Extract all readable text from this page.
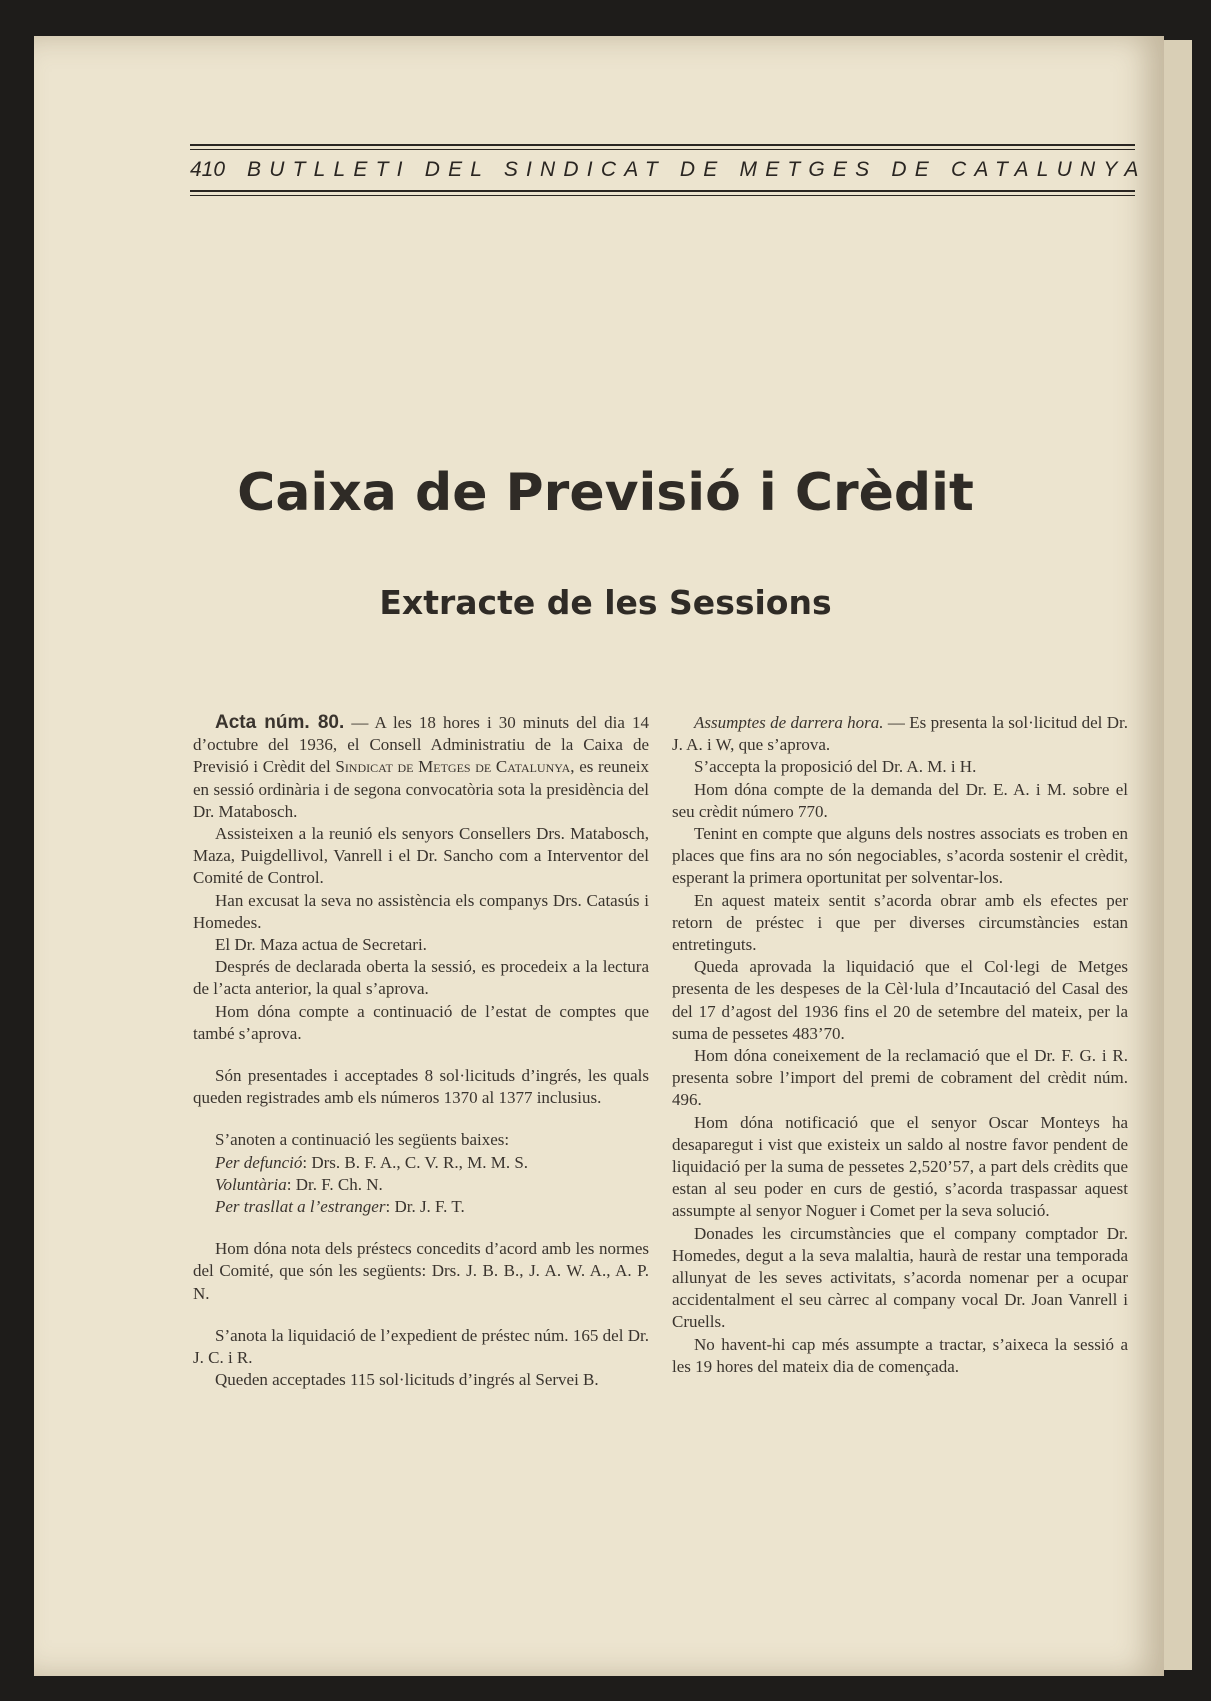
410 BUTLLETI DEL SINDICAT DE METGES DE CATALUNYA
Caixa de Previsió i Crèdit
Extracte de les Sessions

Acta núm. 80. — A les 18 hores i 30 minuts del dia 14 d’octubre del 1936, el Consell Administratiu de la Caixa de Previsió i Crèdit del Sindicat de Metges de Catalunya, es reuneix en sessió ordinària i de segona convocatòria sota la presidència del Dr. Matabosch.

Assisteixen a la reunió els senyors Consellers Drs. Matabosch, Maza, Puigdellivol, Vanrell i el Dr. Sancho com a Interventor del Comité de Control.

Han excusat la seva no assistència els companys Drs. Catasús i Homedes.

El Dr. Maza actua de Secretari.

Després de declarada oberta la sessió, es procedeix a la lectura de l’acta anterior, la qual s’aprova.

Hom dóna compte a continuació de l’estat de comptes que també s’aprova.

Són presentades i acceptades 8 sol·licituds d’ingrés, les quals queden registrades amb els números 1370 al 1377 inclusius.

S’anoten a continuació les següents baixes:

Per defunció: Drs. B. F. A., C. V. R., M. M. S.

Voluntària: Dr. F. Ch. N.

Per trasllat a l’estranger: Dr. J. F. T.

Hom dóna nota dels préstecs concedits d’acord amb les normes del Comité, que són les següents: Drs. J. B. B., J. A. W. A., A. P. N.

S’anota la liquidació de l’expedient de préstec núm. 165 del Dr. J. C. i R.

Queden acceptades 115 sol·licituds d’ingrés al Servei B.

Assumptes de darrera hora. — Es presenta la sol·licitud del Dr. J. A. i W, que s’aprova.

S’accepta la proposició del Dr. A. M. i H.

Hom dóna compte de la demanda del Dr. E. A. i M. sobre el seu crèdit número 770.

Tenint en compte que alguns dels nostres associats es troben en places que fins ara no són negociables, s’acorda sostenir el crèdit, esperant la primera oportunitat per solventar-los.

En aquest mateix sentit s’acorda obrar amb els efectes per retorn de préstec i que per diverses circumstàncies estan entretinguts.

Queda aprovada la liquidació que el Col·legi de Metges presenta de les despeses de la Cèl·lula d’Incautació del Casal des del 17 d’agost del 1936 fins el 20 de setembre del mateix, per la suma de pessetes 483’70.

Hom dóna coneixement de la reclamació que el Dr. F. G. i R. presenta sobre l’import del premi de cobrament del crèdit núm. 496.

Hom dóna notificació que el senyor Oscar Monteys ha desaparegut i vist que existeix un saldo al nostre favor pendent de liquidació per la suma de pessetes 2,520’57, a part dels crèdits que estan al seu poder en curs de gestió, s’acorda traspassar aquest assumpte al senyor Noguer i Comet per la seva solució.

Donades les circumstàncies que el company comptador Dr. Homedes, degut a la seva malaltia, haurà de restar una temporada allunyat de les seves activitats, s’acorda nomenar per a ocupar accidentalment el seu càrrec al company vocal Dr. Joan Vanrell i Cruells.

No havent-hi cap més assumpte a tractar, s’aixeca la sessió a les 19 hores del mateix dia de començada.
